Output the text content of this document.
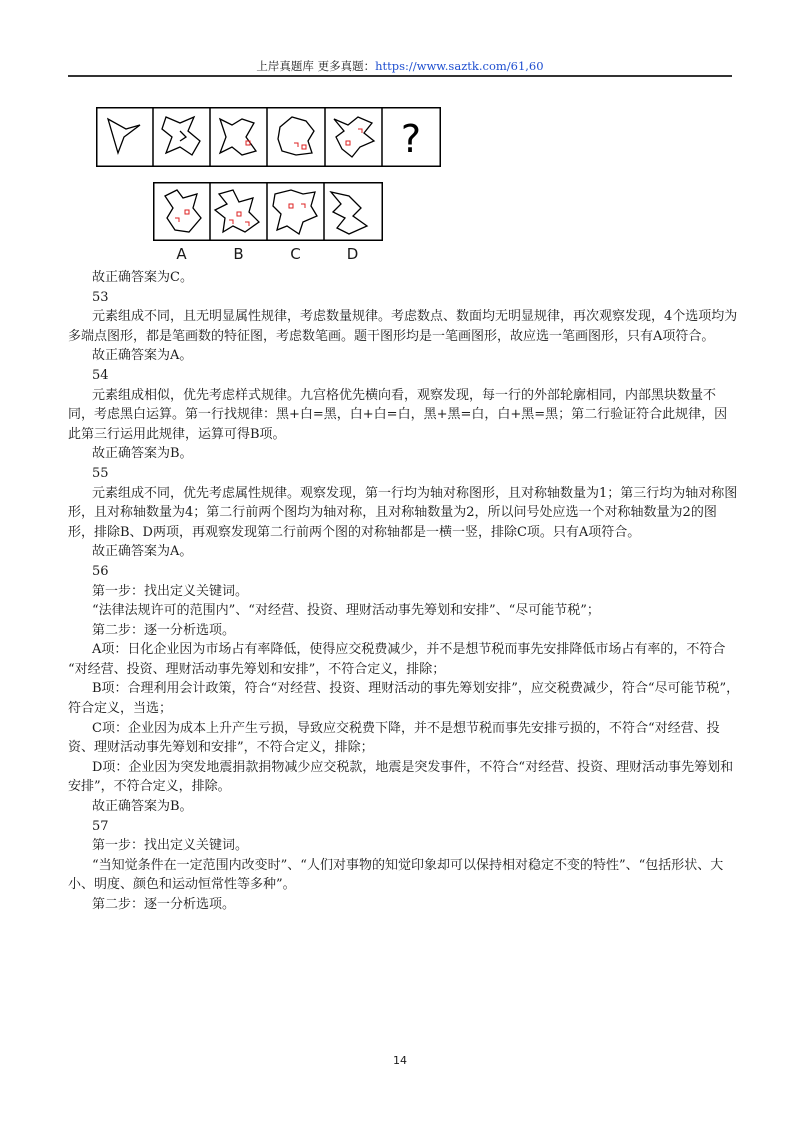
上岸真题库 更多真题：https://www.saztk.com/61,60
?
A	B	C	D

故正确答案为C。

53

元素组成不同，且无明显属性规律，考虑数量规律。考虑数点、数面均无明显规律，再次观察发现，4个选项均为多端点图形，都是笔画数的特征图，考虑数笔画。题干图形均是一笔画图形，故应选一笔画图形，只有A项符合。

故正确答案为A。

54

元素组成相似，优先考虑样式规律。九宫格优先横向看，观察发现，每一行的外部轮廓相同，内部黑块数量不同，考虑黑白运算。第一行找规律：黑+白=黑，白+白=白，黑+黑=白，白+黑=黑；第二行验证符合此规律，因此第三行运用此规律，运算可得B项。

故正确答案为B。

55

元素组成不同，优先考虑属性规律。观察发现，第一行均为轴对称图形，且对称轴数量为1；第三行均为轴对称图形，且对称轴数量为4；第二行前两个图均为轴对称，且对称轴数量为2，所以问号处应选一个对称轴数量为2的图形，排除B、D两项，再观察发现第二行前两个图的对称轴都是一横一竖，排除C项。只有A项符合。

故正确答案为A。

56

第一步：找出定义关键词。

“法律法规许可的范围内”、“对经营、投资、理财活动事先筹划和安排”、“尽可能节税”；

第二步：逐一分析选项。

A项：日化企业因为市场占有率降低，使得应交税费减少，并不是想节税而事先安排降低市场占有率的，不符合 “对经营、投资、理财活动事先筹划和安排”，不符合定义，排除；

B项：合理利用会计政策，符合“对经营、投资、理财活动的事先筹划安排”，应交税费减少，符合“尽可能节税”，符合定义，当选；

C项：企业因为成本上升产生亏损，导致应交税费下降，并不是想节税而事先安排亏损的，不符合“对经营、投资、理财活动事先筹划和安排”，不符合定义，排除；

D项：企业因为突发地震捐款捐物减少应交税款，地震是突发事件，不符合“对经营、投资、理财活动事先筹划和安排”，不符合定义，排除。

故正确答案为B。

57

第一步：找出定义关键词。

“当知觉条件在一定范围内改变时”、“人们对事物的知觉印象却可以保持相对稳定不变的特性”、“包括形状、大小、明度、颜色和运动恒常性等多种”。

第二步：逐一分析选项。

14
